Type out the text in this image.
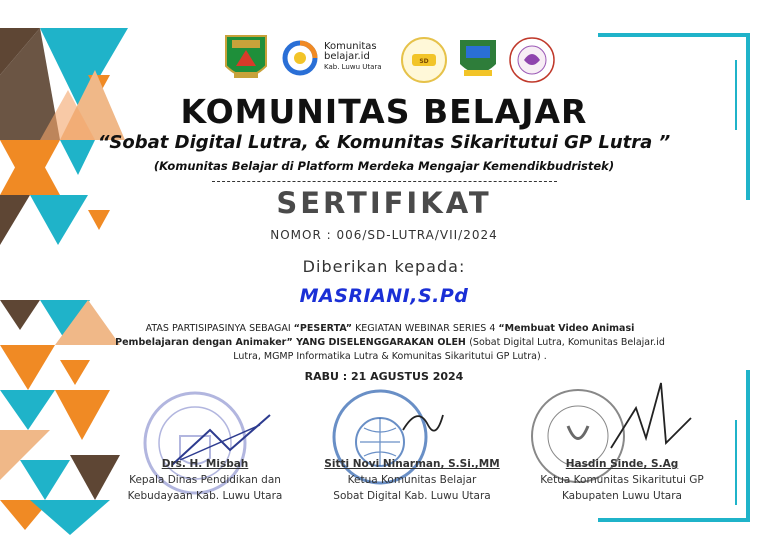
Komunitas
belajar.id
Kab. Luwu Utara
SD
KOMUNITAS BELAJAR
“Sobat Digital Lutra, & Komunitas Sikaritutui GP Lutra ”
(Komunitas Belajar di Platform Merdeka Mengajar Kemendikbudristek)
SERTIFIKAT
NOMOR : 006/SD-LUTRA/VII/2024
Diberikan kepada:
MASRIANI,S.Pd
ATAS PARTISIPASINYA SEBAGAI “PESERTA” KEGIATAN WEBINAR SERIES 4 “Membuat Video Animasi Pembelajaran dengan Animaker” YANG DISELENGGARAKAN OLEH (Sobat Digital Lutra, Komunitas Belajar.id Lutra, MGMP Informatika Lutra & Komunitas Sikaritutui GP Lutra) .
RABU : 21 AGUSTUS 2024
Drs. H. Misbah
Kepala Dinas Pendidikan dan
Kebudayaan Kab. Luwu Utara
Sitti Novi Ninarman, S.Si.,MM
Ketua Komunitas Belajar
Sobat Digital Kab. Luwu Utara
Hasdin Sinde, S.Ag
Ketua Komunitas Sikaritutui GP
Kabupaten Luwu Utara
